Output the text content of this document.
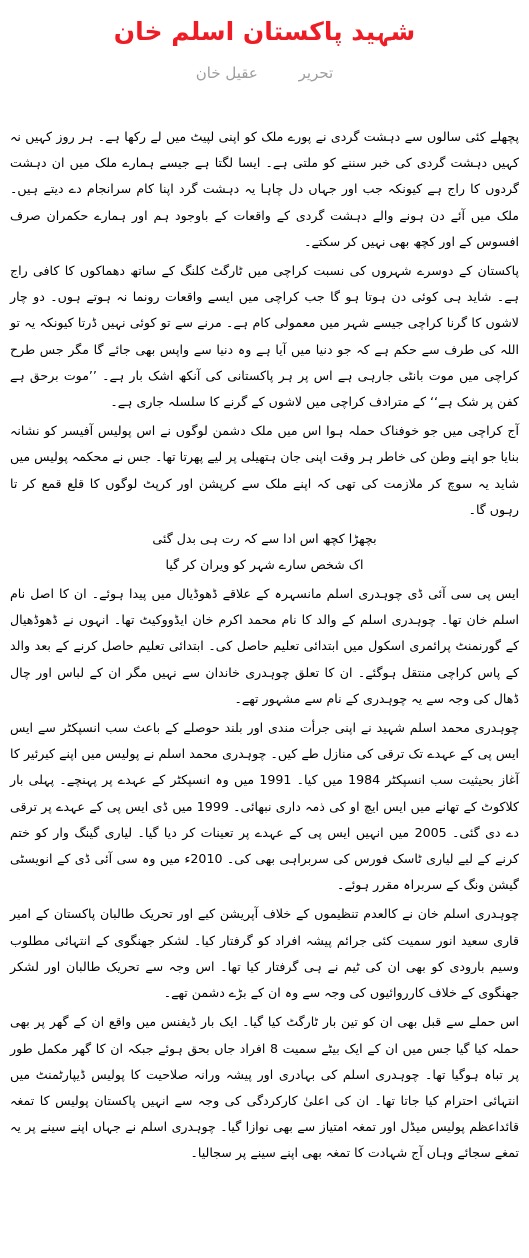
شہید پاکستان اسلم خان
تحریر عقیل خان

پچھلے کئی سالوں سے دہشت گردی نے پورے ملک کو اپنی لپیٹ میں لے رکھا ہے۔ ہر روز کہیں نہ کہیں دہشت گردی کی خبر سننے کو ملتی ہے۔ ایسا لگتا ہے جیسے ہمارے ملک میں ان دہشت گردوں کا راج ہے کیونکہ جب اور جہاں دل چاہا یہ دہشت گرد اپنا کام سرانجام دے دیتے ہیں۔ ملک میں آئے دن ہونے والے دہشت گردی کے واقعات کے باوجود ہم اور ہمارے حکمران صرف افسوس کے اور کچھ بھی نہیں کر سکتے۔

پاکستان کے دوسرے شہروں کی نسبت کراچی میں ٹارگٹ کلنگ کے ساتھ دھماکوں کا کافی راج ہے۔ شاید ہی کوئی دن ہوتا ہو گا جب کراچی میں ایسے واقعات رونما نہ ہوتے ہوں۔ دو چار لاشوں کا گرنا کراچی جیسے شہر میں معمولی کام ہے۔ مرنے سے تو کوئی نہیں ڈرتا کیونکہ یہ تو اللہ کی طرف سے حکم ہے کہ جو دنیا میں آیا ہے وہ دنیا سے واپس بھی جائے گا مگر جس طرح کراچی میں موت بانٹی جارہی ہے اس پر ہر پاکستانی کی آنکھ اشک بار ہے۔ ’’موت برحق ہے کفن پر شک ہے‘‘ کے مترادف کراچی میں لاشوں کے گرنے کا سلسلہ جاری ہے۔

آج کراچی میں جو خوفناک حملہ ہوا اس میں ملک دشمن لوگوں نے اس پولیس آفیسر کو نشانہ بنایا جو اپنے وطن کی خاطر ہر وقت اپنی جان ہتھیلی پر لیے پھرتا تھا۔ جس نے محکمہ پولیس میں شاید یہ سوچ کر ملازمت کی تھی کہ اپنے ملک سے کرپشن اور کرپٹ لوگوں کا قلع قمع کر تا رہوں گا۔

بچھڑا کچھ اس ادا سے کہ رت ہی بدل گئی
اک شخص سارے شہر کو ویران کر گیا

ایس پی سی آئی ڈی چوہدری اسلم مانسہرہ کے علاقے ڈھوڈیال میں پیدا ہوئے۔ ان کا اصل نام اسلم خان تھا۔ چوہدری اسلم کے والد کا نام محمد اکرم خان ایڈووکیٹ تھا۔ انہوں نے ڈھوڈھیال کے گورنمنٹ پرائمری اسکول میں ابتدائی تعلیم حاصل کی۔ ابتدائی تعلیم حاصل کرنے کے بعد والد کے پاس کراچی منتقل ہوگئے۔ ان کا تعلق چوہدری خاندان سے نہیں مگر ان کے لباس اور چال ڈھال کی وجہ سے یہ چوہدری کے نام سے مشہور تھے۔

چوہدری محمد اسلم شہید نے اپنی جرأت مندی اور بلند حوصلے کے باعث سب انسپکٹر سے ایس ایس پی کے عہدے تک ترقی کی منازل طے کیں۔ چوہدری محمد اسلم نے پولیس میں اپنے کیرئیر کا آغاز بحیثیت سب انسپکٹر 1984 میں کیا۔ 1991 میں وہ انسپکٹر کے عہدے پر پہنچے۔ پہلی بار کلاکوٹ کے تھانے میں ایس ایچ او کی ذمہ داری نبھائی۔ 1999 میں ڈی ایس پی کے عہدے پر ترقی دے دی گئی۔ 2005 میں انہیں ایس پی کے عہدے پر تعینات کر دیا گیا۔ لیاری گینگ وار کو ختم کرنے کے لیے لیاری ٹاسک فورس کی سربراہی بھی کی۔ 2010ء میں وہ سی آئی ڈی کے انویسٹی گیشن ونگ کے سربراہ مقرر ہوئے۔

چوہدری اسلم خان نے کالعدم تنظیموں کے خلاف آپریشن کیے اور تحریک طالبان پاکستان کے امیر قاری سعید انور سمیت کئی جرائم پیشہ افراد کو گرفتار کیا۔ لشکر جھنگوی کے انتہائی مطلوب وسیم بارودی کو بھی ان کی ٹیم نے ہی گرفتار کیا تھا۔ اس وجہ سے تحریک طالبان اور لشکر جھنگوی کے خلاف کارروائیوں کی وجہ سے وہ ان کے بڑے دشمن تھے۔

اس حملے سے قبل بھی ان کو تین بار ٹارگٹ کیا گیا۔ ایک بار ڈیفنس میں واقع ان کے گھر پر بھی حملہ کیا گیا جس میں ان کے ایک بیٹے سمیت 8 افراد جاں بحق ہوئے جبکہ ان کا گھر مکمل طور پر تباہ ہوگیا تھا۔ چوہدری اسلم کی بہادری اور پیشہ ورانہ صلاحیت کا پولیس ڈیپارٹمنٹ میں انتہائی احترام کیا جاتا تھا۔ ان کی اعلیٰ کارکردگی کی وجہ سے انہیں پاکستان پولیس کا تمغہ قائداعظم پولیس میڈل اور تمغہ امتیاز سے بھی نوازا گیا۔ چوہدری اسلم نے جہاں اپنے سینے پر یہ تمغے سجائے وہاں آج شہادت کا تمغہ بھی اپنے سینے پر سجالیا۔
